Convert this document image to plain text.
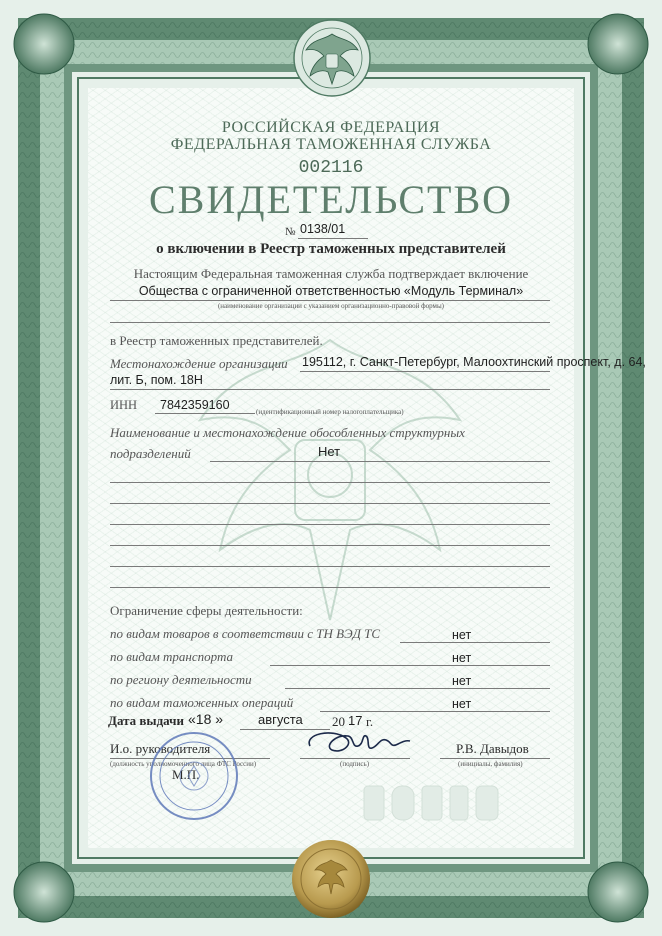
РОССИЙСКАЯ ФЕДЕРАЦИЯ
ФЕДЕРАЛЬНАЯ ТАМОЖЕННАЯ СЛУЖБА
002116
СВИДЕТЕЛЬСТВО
№ 0138/01
о включении в Реестр таможенных представителей
Настоящим Федеральная таможенная служба подтверждает включение
Общества с ограниченной ответственностью «Модуль Терминал»
(наименование организации с указанием организационно-правовой формы)
в Реестр таможенных представителей.
Местонахождение организации 195112, г. Санкт-Петербург, Малоохтинский проспект, д. 64,
лит. Б, пом. 18Н
ИНН 7842359160	(идентификационный номер налогоплательщика)
Наименование и местонахождение обособленных структурных
подразделений	Нет
Ограничение сферы деятельности:
по видам товаров в соответствии с ТН ВЭД ТС	нет
по видам транспорта	нет
по региону деятельности	нет
по видам таможенных операций	нет
Дата выдачи «18 »	августа 20 17 г.
И.о. руководителя
(должность уполномоченного лица ФТС России)	(подпись)
Р.В. Давыдов
(инициалы, фамилия)
М.П.
